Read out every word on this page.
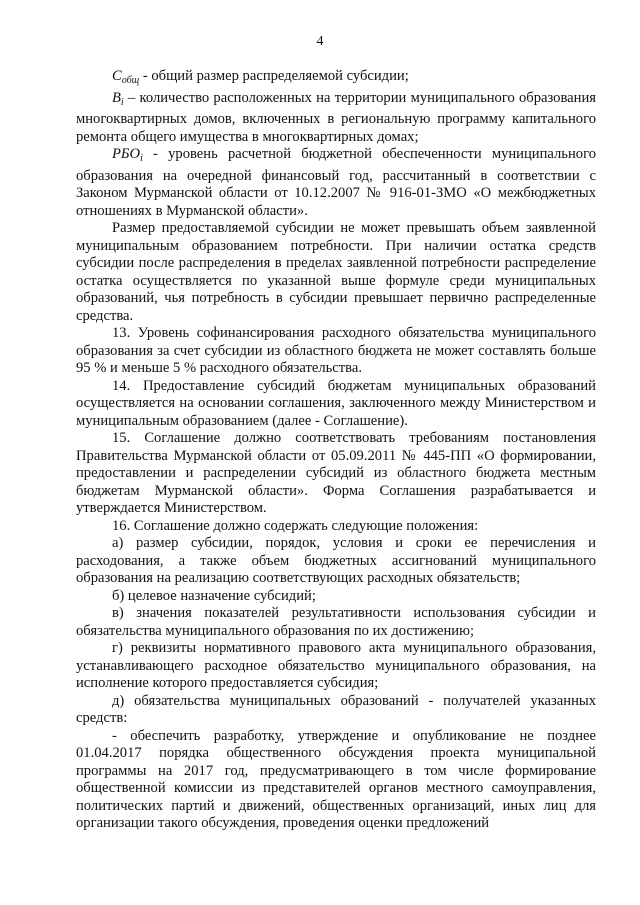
4

$C_{общ}$ - общий размер распределяемой субсидии;

$B_i$ – количество расположенных на территории муниципального образования многоквартирных домов, включенных в региональную программу капитального ремонта общего имущества в многоквартирных домах;

$РБО_i$ - уровень расчетной бюджетной обеспеченности муниципального образования на очередной финансовый год, рассчитанный в соответствии с Законом Мурманской области от 10.12.2007 № 916-01-ЗМО «О межбюджетных отношениях в Мурманской области».

Размер предоставляемой субсидии не может превышать объем заявленной муниципальным образованием потребности. При наличии остатка средств субсидии после распределения в пределах заявленной потребности распределение остатка осуществляется по указанной выше формуле среди муниципальных образований, чья потребность в субсидии превышает первично распределенные средства.

13. Уровень софинансирования расходного обязательства муниципального образования за счет субсидии из областного бюджета не может составлять больше 95 % и меньше 5 % расходного обязательства.

14. Предоставление субсидий бюджетам муниципальных образований осуществляется на основании соглашения, заключенного между Министерством и муниципальным образованием (далее - Соглашение).

15. Соглашение должно соответствовать требованиям постановления Правительства Мурманской области от 05.09.2011 № 445-ПП «О формировании, предоставлении и распределении субсидий из областного бюджета местным бюджетам Мурманской области». Форма Соглашения разрабатывается и утверждается Министерством.

16. Соглашение должно содержать следующие положения:

а) размер субсидии, порядок, условия и сроки ее перечисления и расходования, а также объем бюджетных ассигнований муниципального образования на реализацию соответствующих расходных обязательств;

б) целевое назначение субсидий;

в) значения показателей результативности использования субсидии и обязательства муниципального образования по их достижению;

г) реквизиты нормативного правового акта муниципального образования, устанавливающего расходное обязательство муниципального образования, на исполнение которого предоставляется субсидия;

д) обязательства муниципальных образований - получателей указанных средств:

- обеспечить разработку, утверждение и опубликование не позднее 01.04.2017 порядка общественного обсуждения проекта муниципальной программы на 2017 год, предусматривающего в том числе формирование общественной комиссии из представителей органов местного самоуправления, политических партий и движений, общественных организаций, иных лиц для организации такого обсуждения, проведения оценки предложений
